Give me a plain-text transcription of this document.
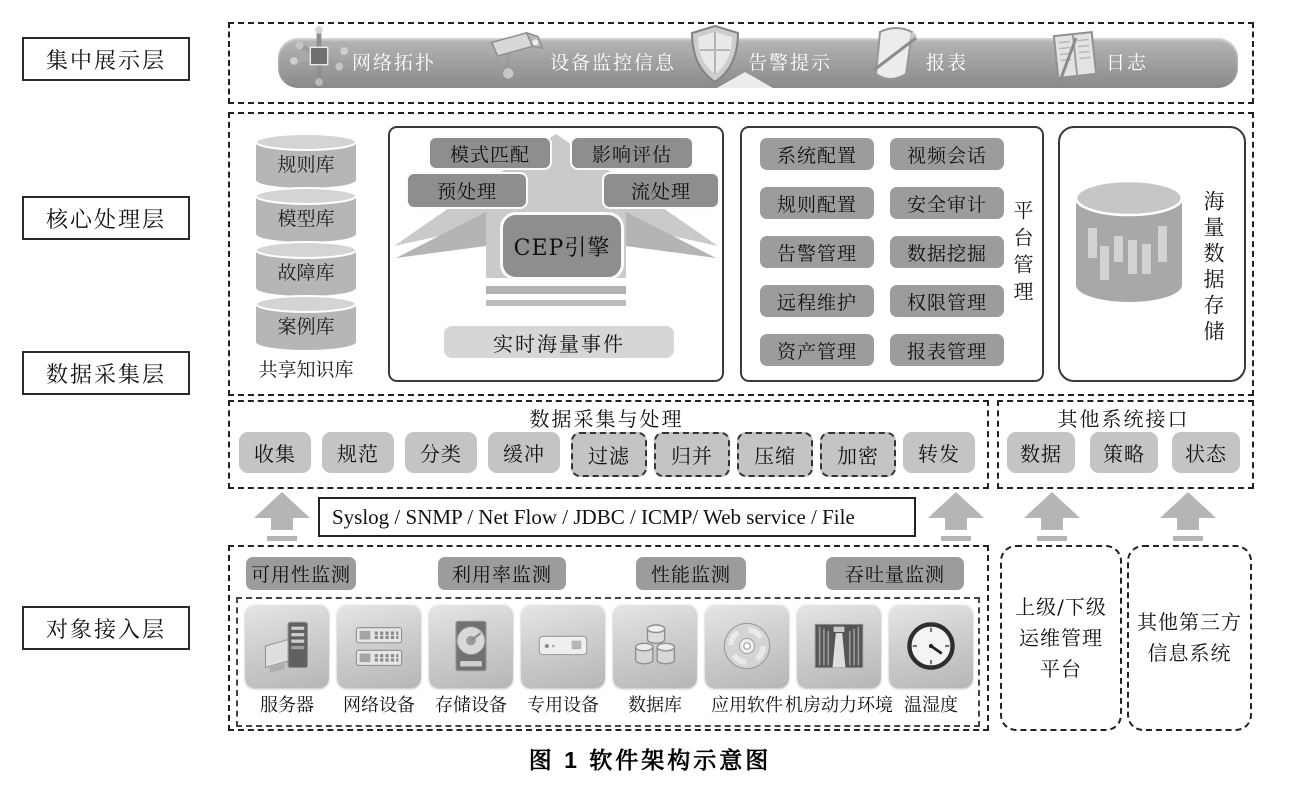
集中展示层
核心处理层
数据采集层
对象接入层
网络拓扑	设备监控信息	告警提示	报表	日志
规则库
模型库
故障库
案例库
共享知识库
模式匹配	影响评估
预处理	流处理
CEP引擎
实时海量事件
系统配置	视频会话
规则配置	安全审计
告警管理	数据挖掘
远程维护	权限管理
资产管理	报表管理
平台管理	海量数据存储
数据采集与处理
收集	规范	分类	缓冲	过滤	归并	压缩	加密	转发
其他系统接口
数据	策略	状态
Syslog / SNMP / Net Flow / JDBC / ICMP/ Web service / File
可用性监测	利用率监测	性能监测	吞吐量监测
服务器	网络设备	存储设备	专用设备	数据库	应用软件 机房动力环境 温湿度
上级/下级
运维管理
平台
其他第三方
信息系统
图 1 软件架构示意图
